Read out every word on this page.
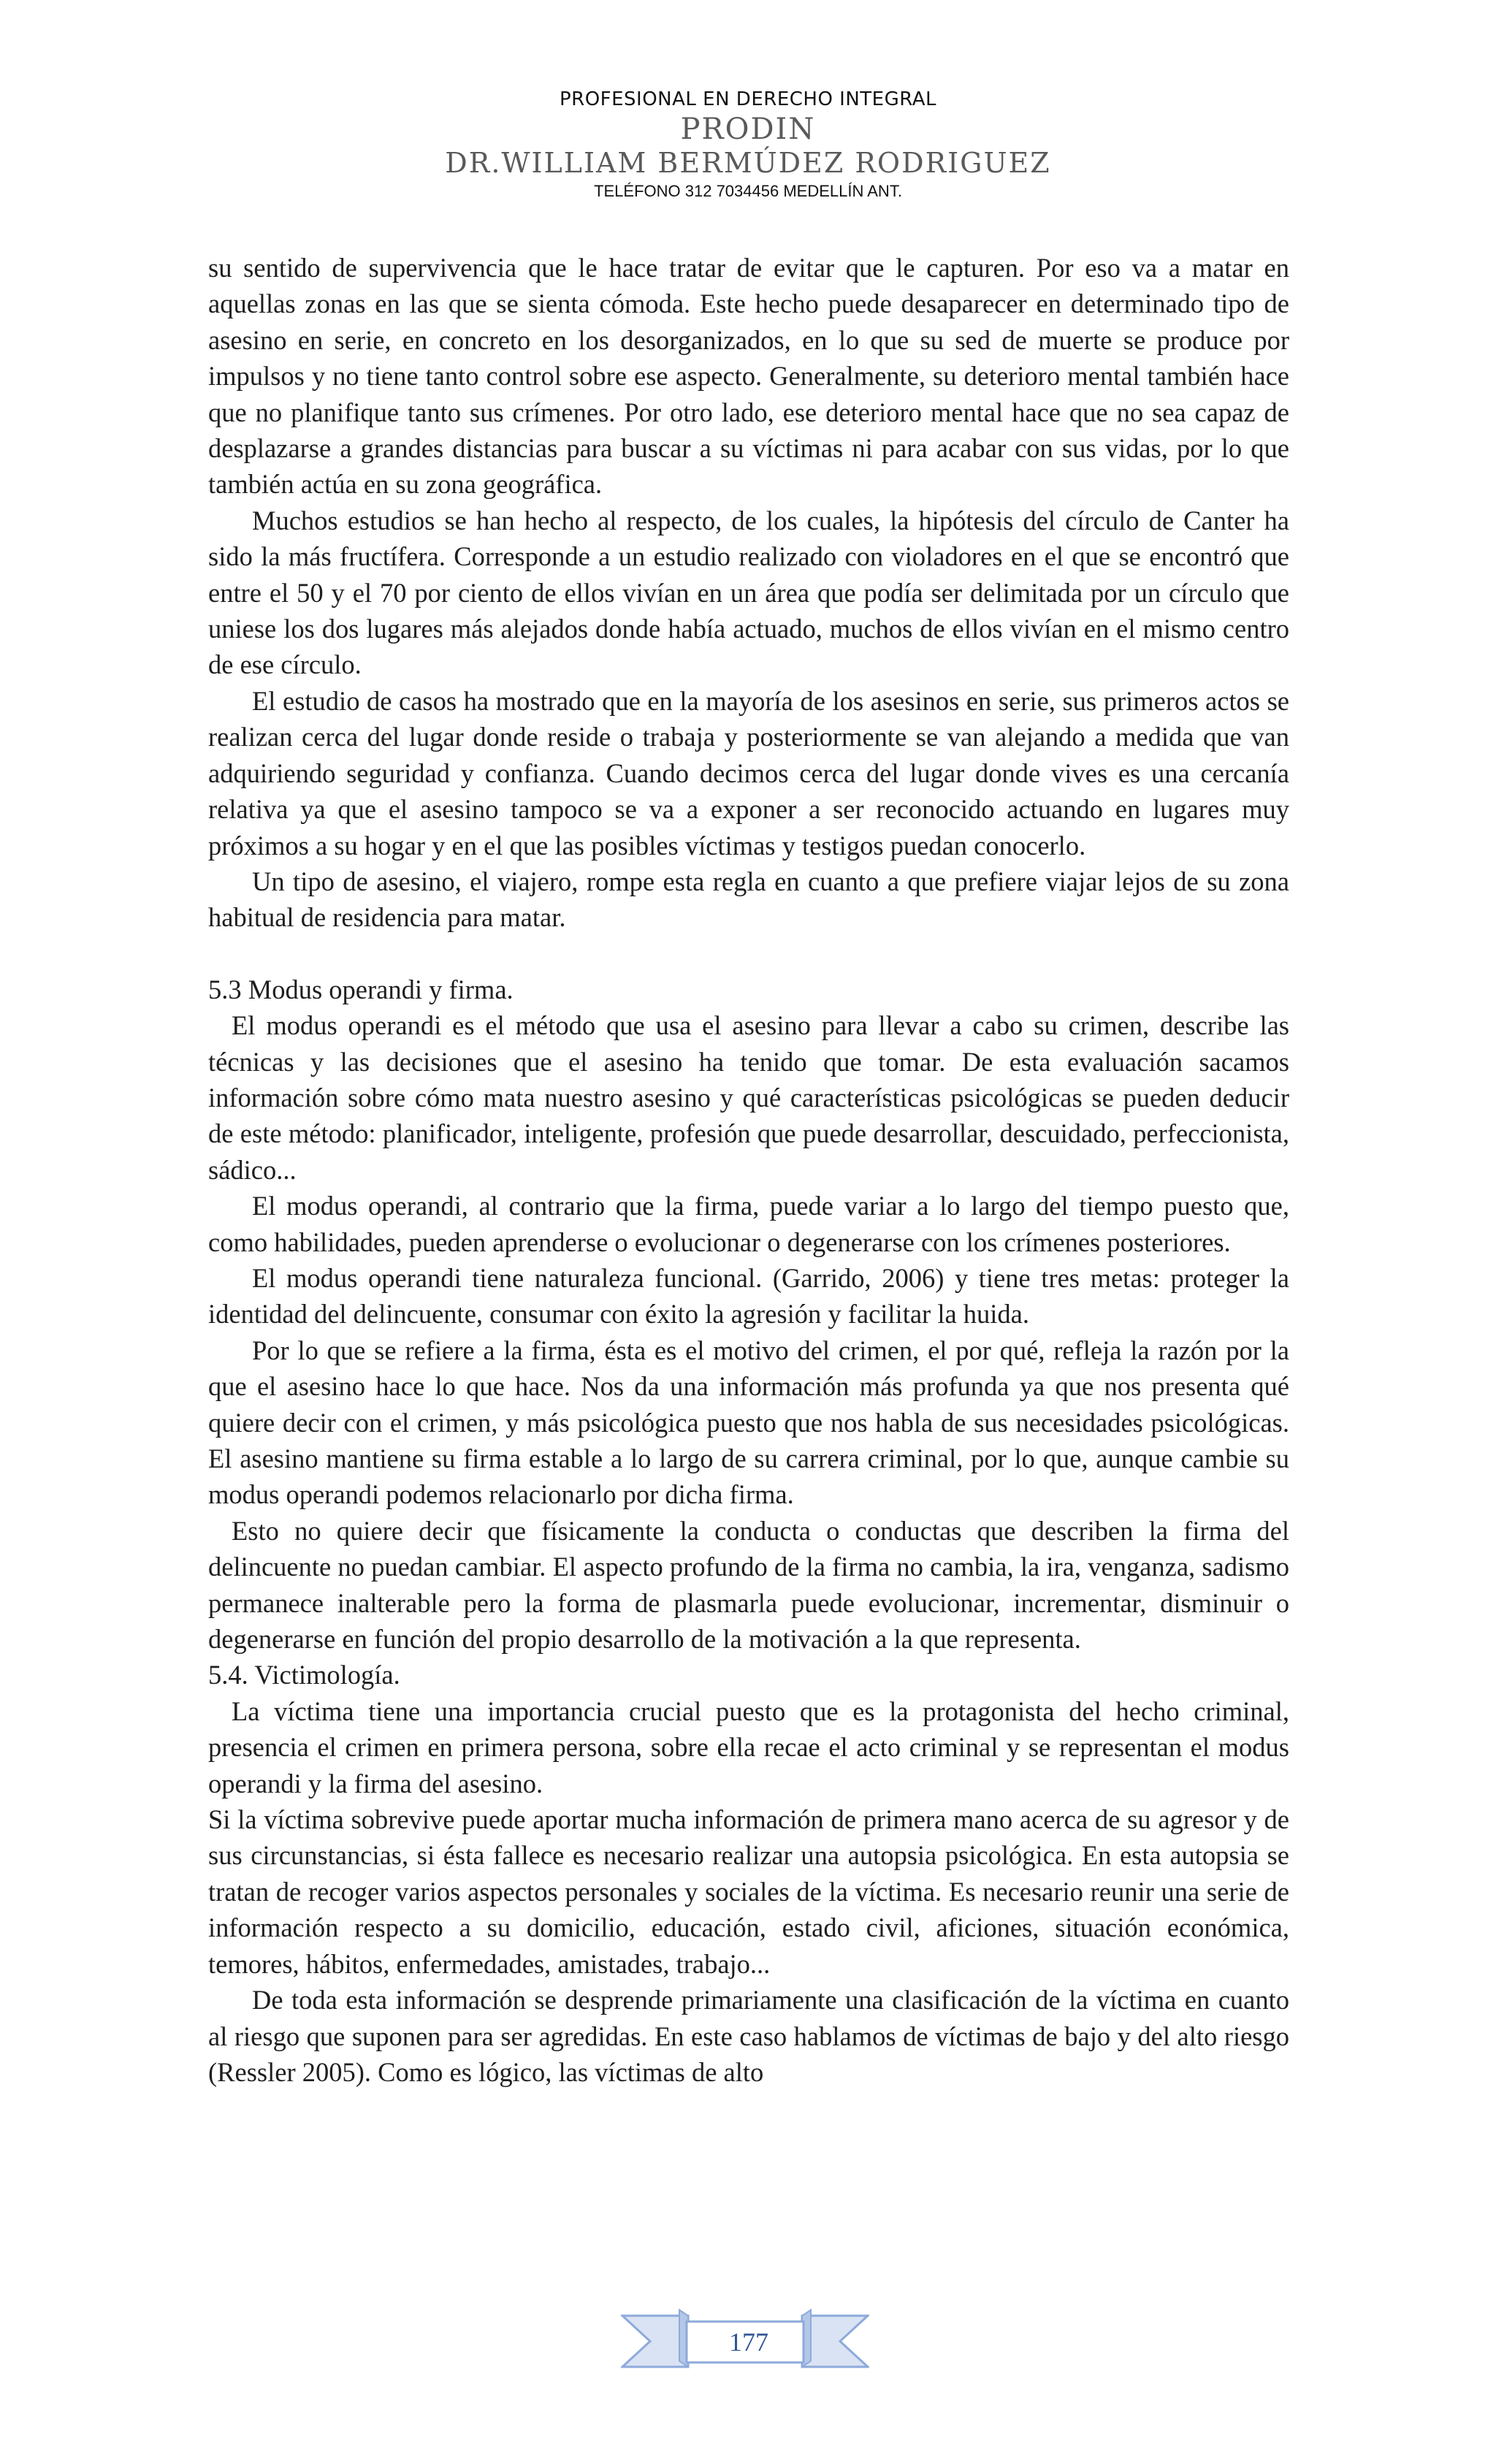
PROFESIONAL EN DERECHO INTEGRAL
PRODIN
DR.WILLIAM BERMÚDEZ RODRIGUEZ
TELÉFONO 312 7034456 MEDELLÍN ANT.

su sentido de supervivencia que le hace tratar de evitar que le capturen. Por eso va a matar en aquellas zonas en las que se sienta cómoda. Este hecho puede desaparecer en determinado tipo de asesino en serie, en concreto en los desorganizados, en lo que su sed de muerte se produce por impulsos y no tiene tanto control sobre ese aspecto. Generalmente, su deterioro mental también hace que no planifique tanto sus crímenes. Por otro lado, ese deterioro mental hace que no sea capaz de desplazarse a grandes distancias para buscar a su víctimas ni para acabar con sus vidas, por lo que también actúa en su zona geográfica.

Muchos estudios se han hecho al respecto, de los cuales, la hipótesis del círculo de Canter ha sido la más fructífera. Corresponde a un estudio realizado con violadores en el que se encontró que entre el 50 y el 70 por ciento de ellos vivían en un área que podía ser delimitada por un círculo que uniese los dos lugares más alejados donde había actuado, muchos de ellos vivían en el mismo centro de ese círculo.

El estudio de casos ha mostrado que en la mayoría de los asesinos en serie, sus primeros actos se realizan cerca del lugar donde reside o trabaja y posteriormente se van alejando a medida que van adquiriendo seguridad y confianza. Cuando decimos cerca del lugar donde vives es una cercanía relativa ya que el asesino tampoco se va a exponer a ser reconocido actuando en lugares muy próximos a su hogar y en el que las posibles víctimas y testigos puedan conocerlo.

Un tipo de asesino, el viajero, rompe esta regla en cuanto a que prefiere viajar lejos de su zona habitual de residencia para matar.

5.3 Modus operandi y firma.

El modus operandi es el método que usa el asesino para llevar a cabo su crimen, describe las técnicas y las decisiones que el asesino ha tenido que tomar. De esta evaluación sacamos información sobre cómo mata nuestro asesino y qué características psicológicas se pueden deducir de este método: planificador, inteligente, profesión que puede desarrollar, descuidado, perfeccionista, sádico...

El modus operandi, al contrario que la firma, puede variar a lo largo del tiempo puesto que, como habilidades, pueden aprenderse o evolucionar o degenerarse con los crímenes posteriores.

El modus operandi tiene naturaleza funcional. (Garrido, 2006) y tiene tres metas: proteger la identidad del delincuente, consumar con éxito la agresión y facilitar la huida.

Por lo que se refiere a la firma, ésta es el motivo del crimen, el por qué, refleja la razón por la que el asesino hace lo que hace. Nos da una información más profunda ya que nos presenta qué quiere decir con el crimen, y más psicológica puesto que nos habla de sus necesidades psicológicas. El asesino mantiene su firma estable a lo largo de su carrera criminal, por lo que, aunque cambie su modus operandi podemos relacionarlo por dicha firma.

Esto no quiere decir que físicamente la conducta o conductas que describen la firma del delincuente no puedan cambiar. El aspecto profundo de la firma no cambia, la ira, venganza, sadismo permanece inalterable pero la forma de plasmarla puede evolucionar, incrementar, disminuir o degenerarse en función del propio desarrollo de la motivación a la que representa.

5.4. Victimología.

La víctima tiene una importancia crucial puesto que es la protagonista del hecho criminal, presencia el crimen en primera persona, sobre ella recae el acto criminal y se representan el modus operandi y la firma del asesino.

Si la víctima sobrevive puede aportar mucha información de primera mano acerca de su agresor y de sus circunstancias, si ésta fallece es necesario realizar una autopsia psicológica. En esta autopsia se tratan de recoger varios aspectos personales y sociales de la víctima. Es necesario reunir una serie de información respecto a su domicilio, educación, estado civil, aficiones, situación económica, temores, hábitos, enfermedades, amistades, trabajo...

De toda esta información se desprende primariamente una clasificación de la víctima en cuanto al riesgo que suponen para ser agredidas. En este caso hablamos de víctimas de bajo y del alto riesgo (Ressler 2005). Como es lógico, las víctimas de alto

177
